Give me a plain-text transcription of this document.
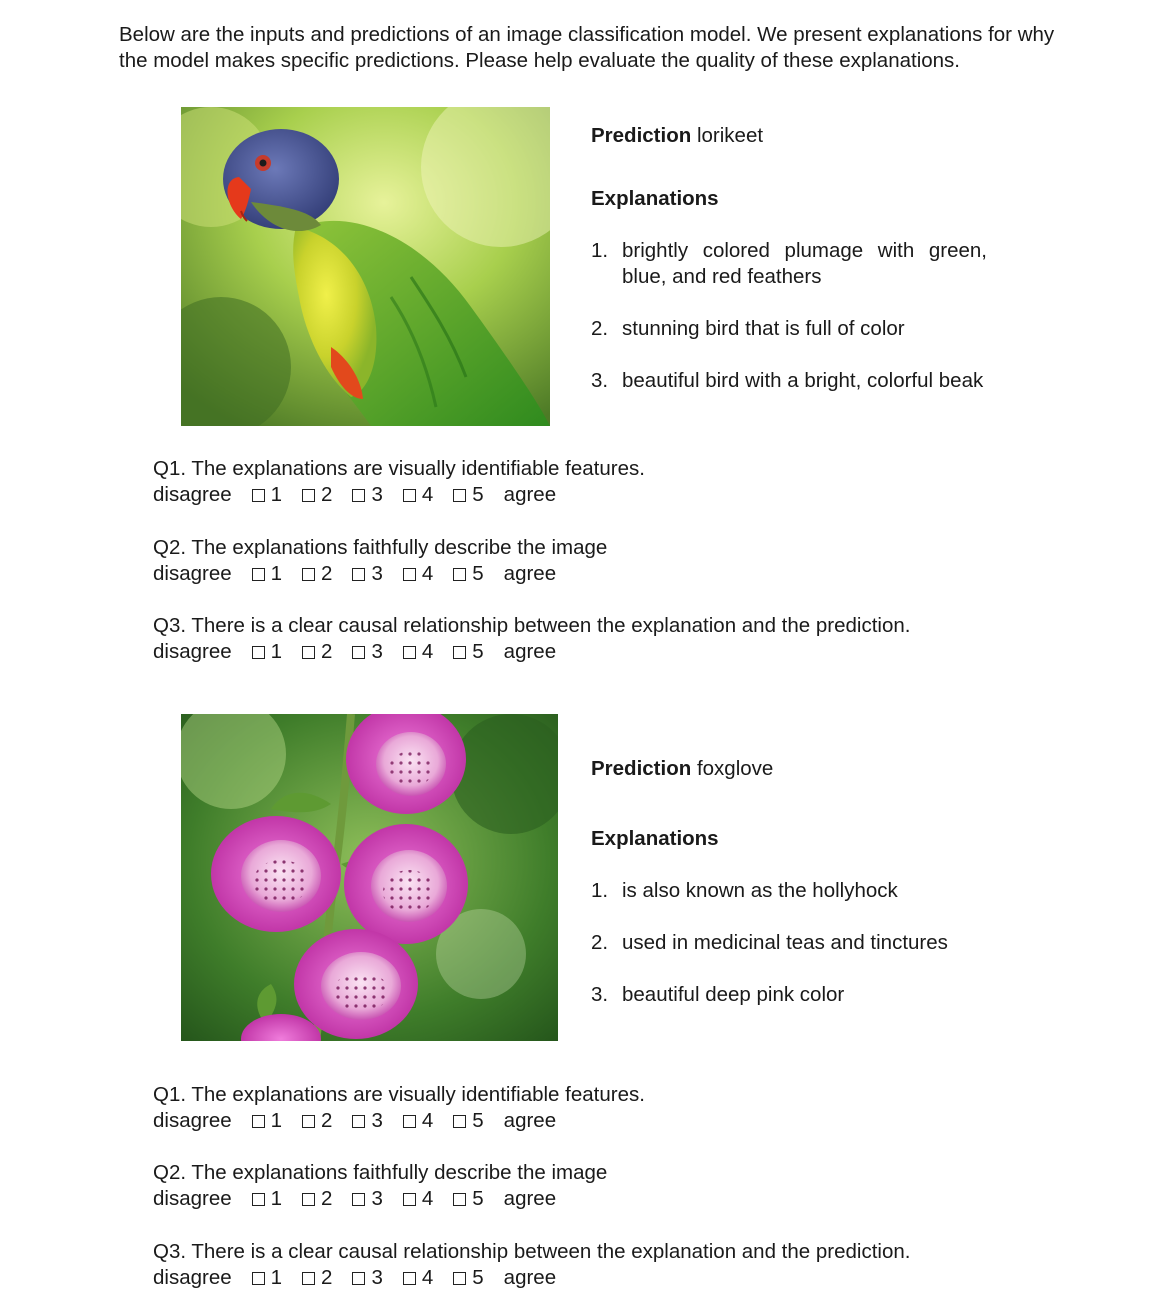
Below are the inputs and predictions of an image classification model. We present explanations for why the model makes specific predictions. Please help evaluate the quality of these explanations.

Prediction lorikeet
Explanations
1. brightly colored plumage with green, blue, and red feathers
2. stunning bird that is full of color
3. beautiful bird with a bright, colorful beak
Q1. The explanations are visually identifiable features.
disagree 1 2 3 4 5 agree
Q2. The explanations faithfully describe the image
disagree 1 2 3 4 5 agree
Q3. There is a clear causal relationship between the explanation and the prediction.
disagree 1 2 3 4 5 agree
Prediction foxglove
Explanations
1. is also known as the hollyhock
2. used in medicinal teas and tinctures
3. beautiful deep pink color
Q1. The explanations are visually identifiable features.
disagree 1 2 3 4 5 agree
Q2. The explanations faithfully describe the image
disagree 1 2 3 4 5 agree
Q3. There is a clear causal relationship between the explanation and the prediction.
disagree 1 2 3 4 5 agree
